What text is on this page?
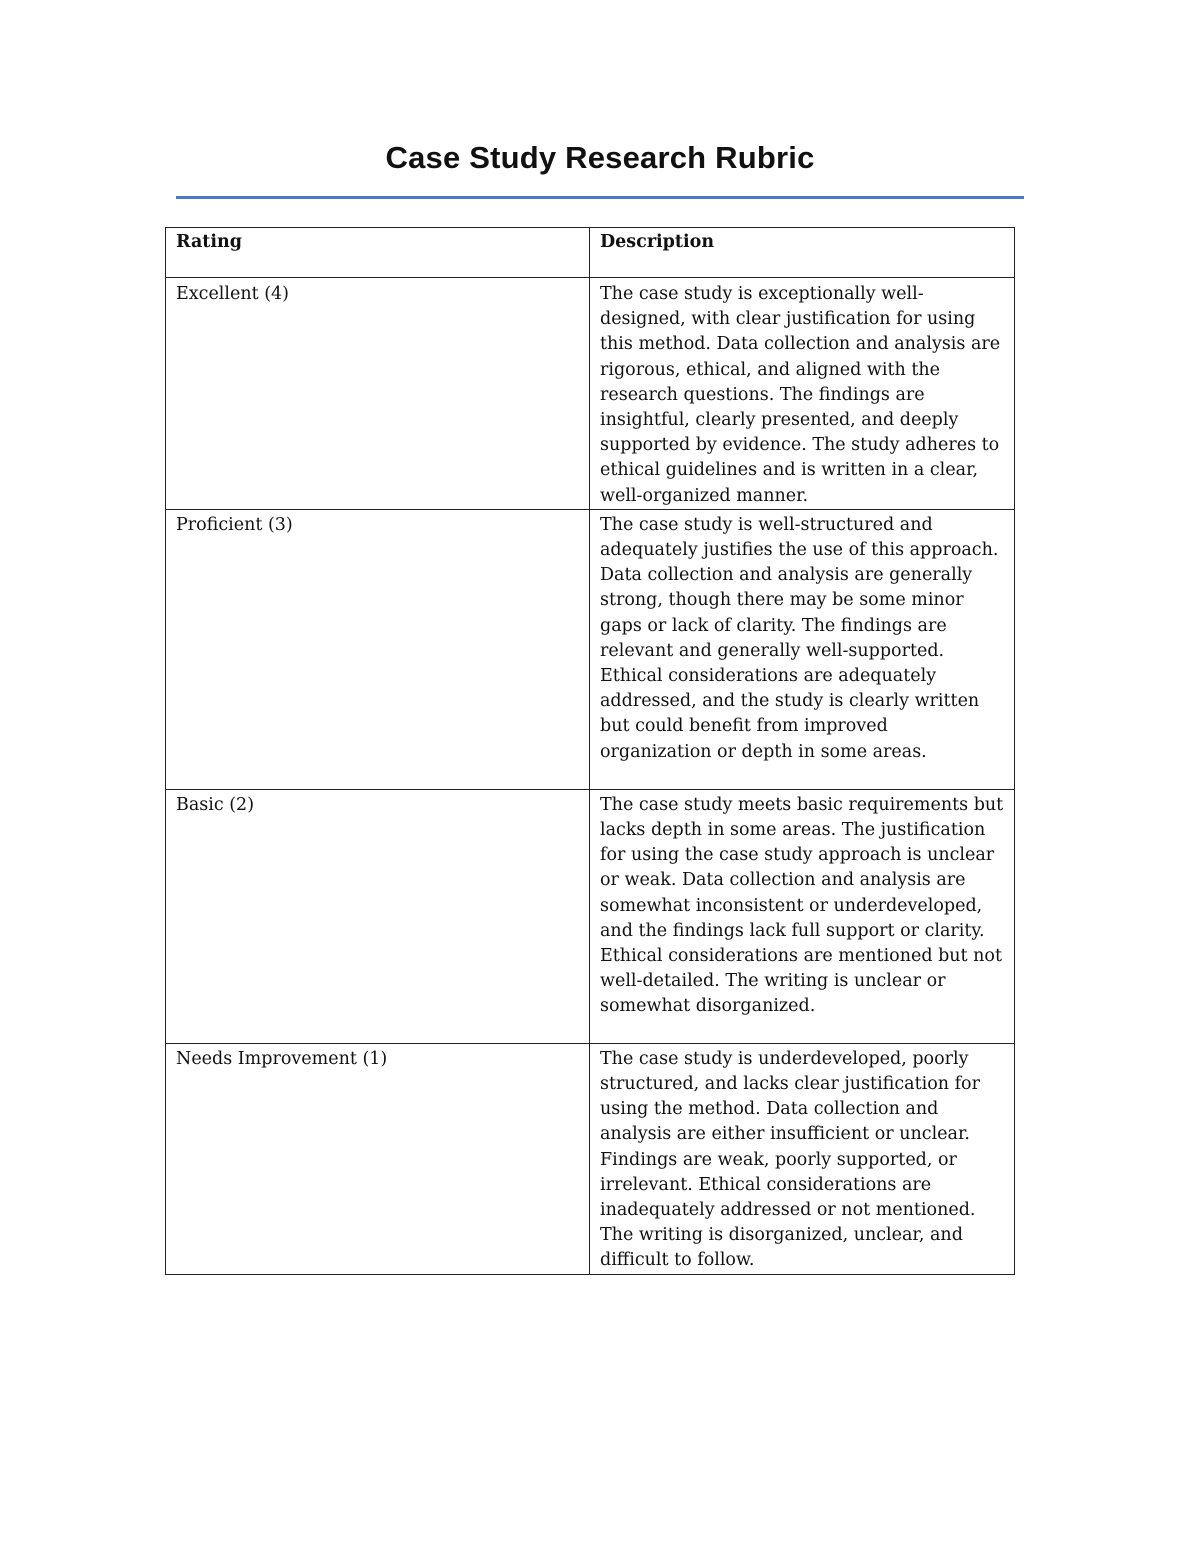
Case Study Research Rubric
Rating	Description
Excellent (4)	The case study is exceptionally well-designed, with clear justification for using this method. Data collection and analysis are rigorous, ethical, and aligned with the research questions. The findings are insightful, clearly presented, and deeply supported by evidence. The study adheres to ethical guidelines and is written in a clear, well-organized manner.
Proficient (3)	The case study is well-structured and adequately justifies the use of this approach. Data collection and analysis are generally strong, though there may be some minor gaps or lack of clarity. The findings are relevant and generally well-supported. Ethical considerations are adequately addressed, and the study is clearly written but could benefit from improved organization or depth in some areas.
Basic (2)	The case study meets basic requirements but lacks depth in some areas. The justification for using the case study approach is unclear or weak. Data collection and analysis are somewhat inconsistent or underdeveloped, and the findings lack full support or clarity. Ethical considerations are mentioned but not well-detailed. The writing is unclear or somewhat disorganized.
Needs Improvement (1)	The case study is underdeveloped, poorly structured, and lacks clear justification for using the method. Data collection and analysis are either insufficient or unclear. Findings are weak, poorly supported, or irrelevant. Ethical considerations are inadequately addressed or not mentioned. The writing is disorganized, unclear, and difficult to follow.
